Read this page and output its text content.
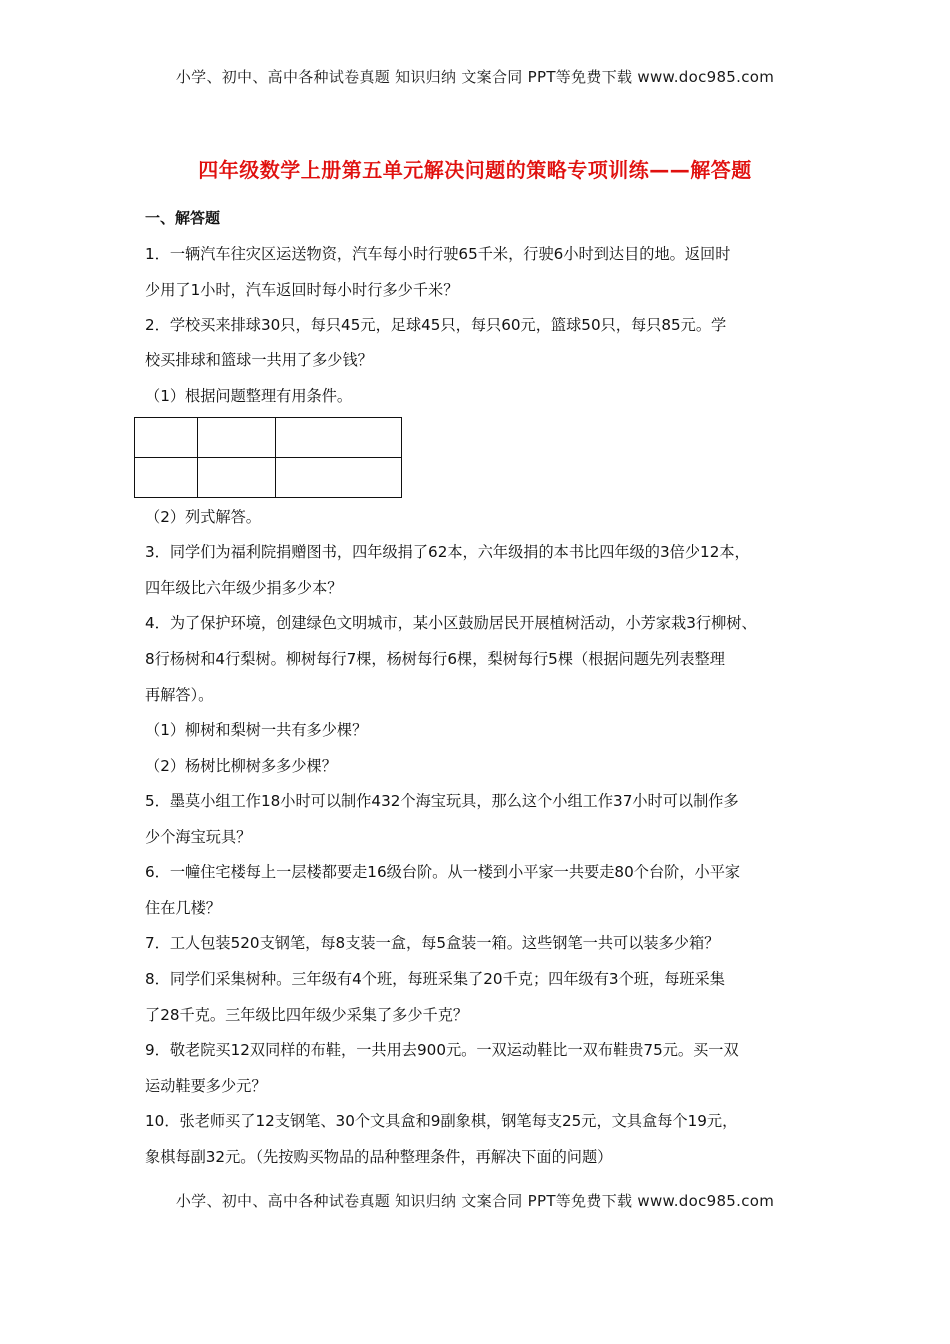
小学、初中、高中各种试卷真题 知识归纳 文案合同 PPT等免费下载 www.doc985.com
四年级数学上册第五单元解决问题的策略专项训练——解答题
一、解答题
1．一辆汽车往灾区运送物资，汽车每小时行驶65千米，行驶6小时到达目的地。返回时
少用了1小时，汽车返回时每小时行多少千米？
2．学校买来排球30只，每只45元，足球45只，每只60元，篮球50只，每只85元。学
校买排球和篮球一共用了多少钱？
（1）根据问题整理有用条件。

（2）列式解答。
3．同学们为福利院捐赠图书，四年级捐了62本，六年级捐的本书比四年级的3倍少12本，
四年级比六年级少捐多少本？
4．为了保护环境，创建绿色文明城市，某小区鼓励居民开展植树活动，小芳家栽3行柳树、
8行杨树和4行梨树。柳树每行7棵，杨树每行6棵，梨树每行5棵（根据问题先列表整理
再解答）。
（1）柳树和梨树一共有多少棵？
（2）杨树比柳树多多少棵？
5．墨莫小组工作18小时可以制作432个海宝玩具，那么这个小组工作37小时可以制作多
少个海宝玩具？
6．一幢住宅楼每上一层楼都要走16级台阶。从一楼到小平家一共要走80个台阶，小平家
住在几楼？
7．工人包装520支钢笔，每8支装一盒，每5盒装一箱。这些钢笔一共可以装多少箱？
8．同学们采集树种。三年级有4个班，每班采集了20千克；四年级有3个班，每班采集
了28千克。三年级比四年级少采集了多少千克？
9．敬老院买12双同样的布鞋，一共用去900元。一双运动鞋比一双布鞋贵75元。买一双
运动鞋要多少元？
10．张老师买了12支钢笔、30个文具盒和9副象棋，钢笔每支25元，文具盒每个19元，
象棋每副32元。（先按购买物品的品种整理条件，再解决下面的问题）
小学、初中、高中各种试卷真题 知识归纳 文案合同 PPT等免费下载 www.doc985.com
